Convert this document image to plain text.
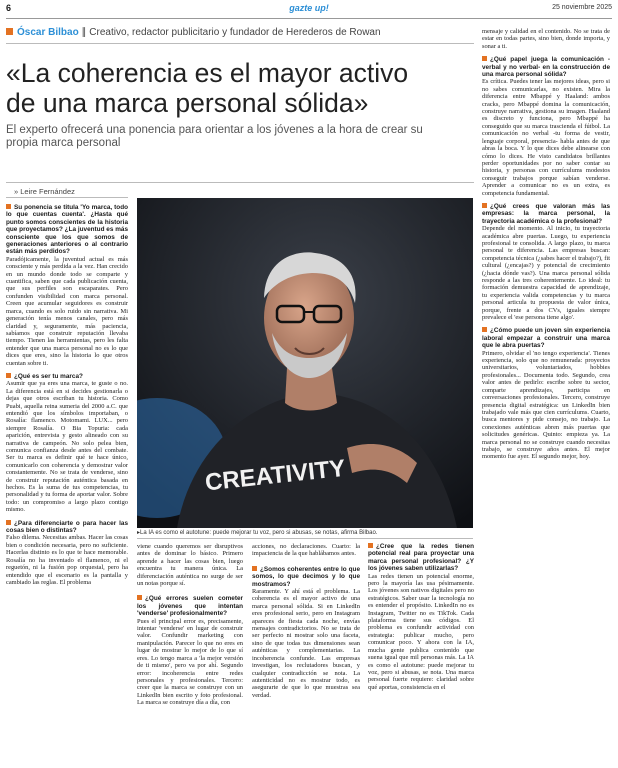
6	gazte up!	25 noviembre 2025
Óscar Bilbao ∥ Creativo, redactor publicitario y fundador de Herederos de Rowan
«La coherencia es el mayor activo de una marca personal sólida»
El experto ofrecerá una ponencia para orientar a los jóvenes a la hora de crear su propia marca personal
» Leire Fernández

Su ponencia se titula 'Yo marca, todo lo que cuentas cuenta'. ¿Hasta qué punto somos conscientes de la historia que proyectamos? ¿La juventud es más consciente que los que somos de generaciones anteriores o al contrario están más perdidos?

Paradójicamente, la juventud actual es más consciente y más perdida a la vez. Han crecido en un mundo donde todo se comparte y cuantifica, saben que cada publicación cuenta, que sus perfiles son escaparates. Pero confunden visibilidad con marca personal. Creen que acumular seguidores es construir marca, cuando es solo ruido sin narrativa. Mi generación tenía menos canales, pero más claridad y, seguramente, más paciencia, sabíamos que construir reputación llevaba tiempo. Tienen las herramientas, pero les falta entender que una marca personal no es lo que dices que eres, sino la historia lo que otros cuentan sobre ti.

¿Qué es ser tu marca?

Asumir que ya eres una marca, te guste o no. La diferencia está en si decides gestionarla o dejas que otros escriban tu historia. Como Puabi, aquella reina sumeria del 2000 a.C. que entendió que los símbolos importaban, o Rosalía: flamenco. Motomami. LUX... pero siempre Rosalía. O Bia Topuria: cada aparición, entrevista y gesto alineado con su narrativa de campeón. No solo pelea bien, comunica confianza desde antes del combate. Ser tu marca es definir qué te hace único, comunicarlo con coherencia y demostrar valor constantemente. No se trata de venderse, sino de construir reputación auténtica basada en hechos. Es la suma de tus competencias, tu personalidad y tu forma de aportar valor. Sobre todo: un compromiso a largo plazo contigo mismo.

¿Para diferenciarte o para hacer las cosas bien o distintas?

Falso dilema. Necesitas ambas. Hacer las cosas bien o condición necesaria, pero no suficiente. Hacerlas distinto es lo que te hace memorable. Rosalía no ha inventado el flamenco, ni el reguetón, ni la fusión pop orquestal, pero ha entendido que el escenario es la pantalla y cambiado las reglas. El problema

CREATIVITY
▸La IA es como el autotune: puede mejorar tu voz, pero si abusas, se notas, afirma Bilbao.

viene cuando queremos ser disruptivos antes de dominar lo básico. Primero aprende a hacer las cosas bien, luego encuentra tu manera única. La diferenciación auténtica no surge de ser un notas porque sí.

¿Qué errores suelen cometer los jóvenes que intentan 'venderse' profesionalmente?

Pues el principal error es, precisamente, intentar 'venderse' en lugar de construir valor. Confundir marketing con manipulación. Parecer lo que no eres en lugar de mostrar lo mejor de lo que sí eres. Lo tengo marca a 'la mejor versión de ti mismo', pero va por ahí. Segundo error: incoherencia entre redes personales y profesionales. Tercero: creer que la marca se construye con un LinkedIn bien escrito y foto profesional. La marca se construye día a día, con

acciones, no declaraciones. Cuarto: la impaciencia de la que hablábamos antes.

¿Somos coherentes entre lo que somos, lo que decimos y lo que mostramos?

Raramente. Y ahí está el problema. La coherencia es el mayor activo de una marca personal sólida. Si en LinkedIn eres profesional serio, pero en Instagram apareces de fiesta cada noche, envías mensajes contradictorios. No se trata de ser perfecto ni mostrar solo una faceta, sino de que todas tus dimensiones sean auténticas y complementarias. La incoherencia confunde. Las empresas investigan, los reclutadores buscan, y cualquier contradicción se nota. La autenticidad no es mostrar todo, es asegurarte de que lo que muestras sea verdad.

¿Cree que la redes tienen potencial real para proyectar una marca personal profesional? ¿Y los jóvenes saben utilizarlas?

Las redes tienen un potencial enorme, pero la mayoría las usa pésimamente. Los jóvenes son nativos digitales pero no estratégicos. Saber usar la tecnología no es entender el propósito. LinkedIn no es Instagram, Twitter no es TikTok. Cada plataforma tiene sus códigos. El problema es confundir actividad con estrategia: publicar mucho, pero comunicar poco. Y ahora con la IA, mucha gente publica contenido que suena igual que mil personas más. La IA es como el autotune: puede mejorar tu voz, pero si abusas, se nota. Una marca personal fuerte requiere: claridad sobre qué aportas, consistencia en el

mensaje y calidad en el contenido. No se trata de estar en todas partes, sino bien, donde importa, y sonar a ti.

¿Qué papel juega la comunicación -verbal y no verbal- en la construcción de una marca personal sólida?

Es crítica. Puedes tener las mejores ideas, pero si no sabes comunicarlas, no existen. Mira la diferencia entre Mbappé y Haaland: ambos cracks, pero Mbappé domina la comunicación, construye narrativa, gestiona su imagen. Haaland es discreto y funciona, pero Mbappé ha conseguido que su marca trascienda el fútbol. La comunicación no verbal -tu forma de vestir, lenguaje corporal, presencia- habla antes de que abras la boca. Y lo que dices debe alinearse con cómo lo dices. He visto candidatos brillantes perder oportunidades por no saber contar su historia, y personas con currículums modestos conseguir trabajos porque sabían venderse. Aprender a comunicar no es un extra, es competencia fundamental.

¿Qué crees que valoran más las empresas: la marca personal, la trayectoria académica o la profesional?

Depende del momento. Al inicio, tu trayectoria académica abre puertas. Luego, tu experiencia profesional te consolida. A largo plazo, tu marca personal te diferencia. Las empresas buscan: competencia técnica (¿sabes hacer el trabajo?), fit cultural (¿encajas?) y potencial de crecimiento (¿hacia dónde vas?). Una marca personal sólida responde a las tres coherentemente. Lo ideal: tu formación demuestra capacidad de aprendizaje, tu experiencia valida competencias y tu marca personal articula tu propuesta de valor única, porque, frente a dos CVs, iguales siempre prevalece el 'ese persona tiene algo'.

¿Cómo puede un joven sin experiencia laboral empezar a construir una marca que le abra puertas?

Primero, olvidar el 'no tengo experiencia'. Tienes experiencia, solo que no remunerada: proyectos universitarios, voluntariados, hobbies profesionales... Documenta todo. Segundo, crea valor antes de pedirlo: escribe sobre tu sector, comparte aprendizajes, participa en conversaciones profesionales. Tercero, construye presencia digital estratégica: un LinkedIn bien trabajado vale más que cien currículums. Cuarto, busca mentores y pide consejo, no trabajo. La conexiones auténticas abren más puertas que solicitudes genéricas. Quinto: empieza ya. La marca personal no se construye cuando necesitas trabajo, se construye años antes. El mejor momento fue ayer. El segundo mejor, hoy.
